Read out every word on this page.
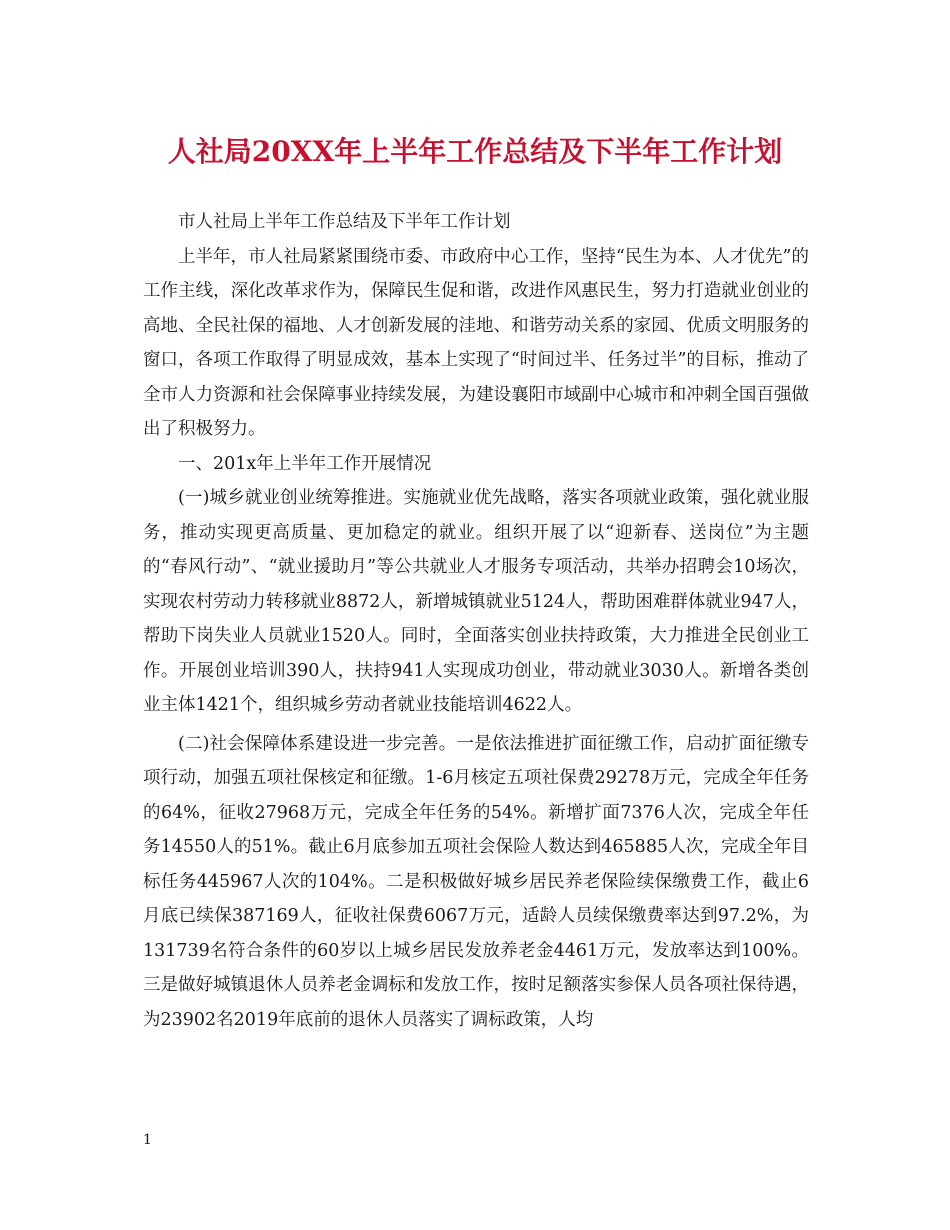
人社局20XX年上半年工作总结及下半年工作计划

市人社局上半年工作总结及下半年工作计划

上半年，市人社局紧紧围绕市委、市政府中心工作，坚持“民生为本、人才优先”的工作主线，深化改革求作为，保障民生促和谐，改进作风惠民生，努力打造就业创业的高地、全民社保的福地、人才创新发展的洼地、和谐劳动关系的家园、优质文明服务的窗口，各项工作取得了明显成效，基本上实现了“时间过半、任务过半”的目标，推动了全市人力资源和社会保障事业持续发展，为建设襄阳市域副中心城市和冲刺全国百强做出了积极努力。

一、201x年上半年工作开展情况

(一)城乡就业创业统筹推进。实施就业优先战略，落实各项就业政策，强化就业服务，推动实现更高质量、更加稳定的就业。组织开展了以“迎新春、送岗位”为主题的“春风行动”、“就业援助月”等公共就业人才服务专项活动，共举办招聘会10场次，实现农村劳动力转移就业8872人，新增城镇就业5124人，帮助困难群体就业947人，帮助下岗失业人员就业1520人。同时，全面落实创业扶持政策，大力推进全民创业工作。开展创业培训390人，扶持941人实现成功创业，带动就业3030人。新增各类创业主体1421个，组织城乡劳动者就业技能培训4622人。

(二)社会保障体系建设进一步完善。一是依法推进扩面征缴工作，启动扩面征缴专项行动，加强五项社保核定和征缴。1-6月核定五项社保费29278万元，完成全年任务的64%，征收27968万元，完成全年任务的54%。新增扩面7376人次，完成全年任务14550人的51%。截止6月底参加五项社会保险人数达到465885人次，完成全年目标任务445967人次的104%。二是积极做好城乡居民养老保险续保缴费工作，截止6月底已续保387169人，征收社保费6067万元，适龄人员续保缴费率达到97.2%，为131739名符合条件的60岁以上城乡居民发放养老金4461万元，发放率达到100%。三是做好城镇退休人员养老金调标和发放工作，按时足额落实参保人员各项社保待遇，为23902名2019年底前的退休人员落实了调标政策，人均

1
